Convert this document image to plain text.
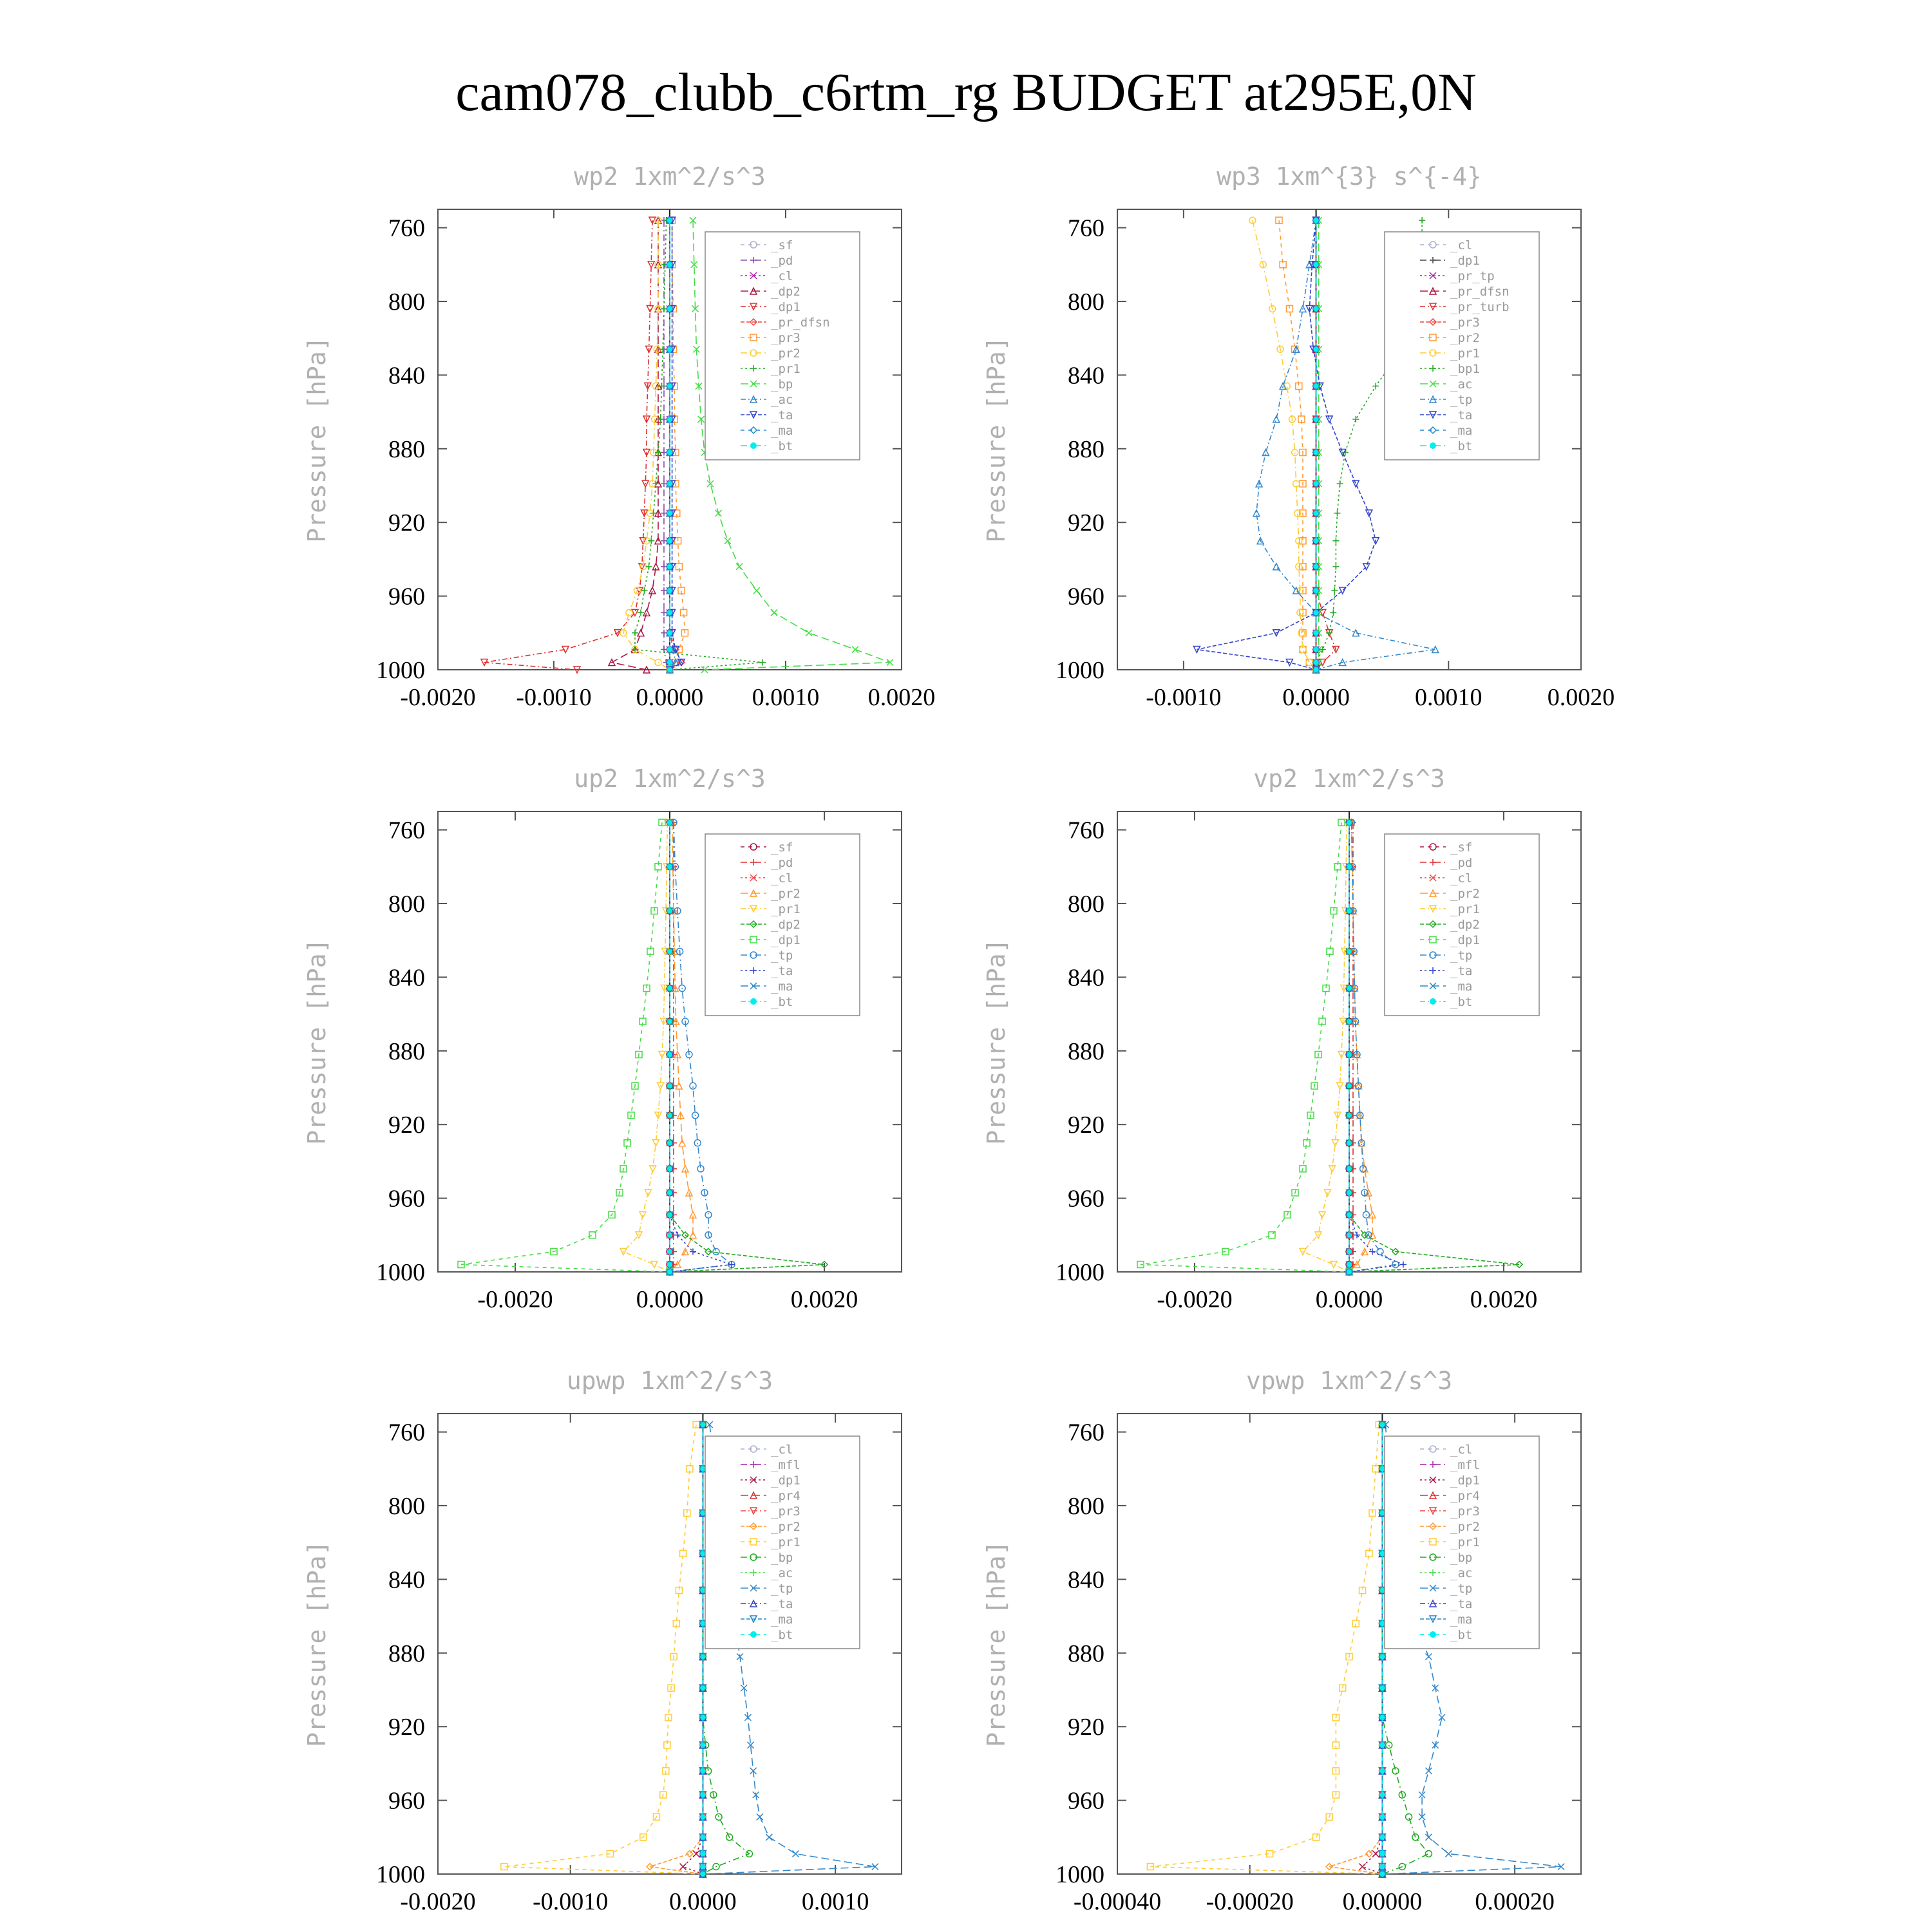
cam078_clubb_c6rtm_rg BUDGET at295E,0N
wp2 1xm^2/s^3
Pressure [hPa]
760
800
840
880
920
960
1000
-0.0020 -0.0010 0.0000 0.0010 0.0020
_sf
_pd
_cl
_dp2
_dp1
_pr_dfsn
_pr3
_pr2
_pr1
_bp
_ac
_ta
_ma
_bt
wp3 1xm^{3} s^{-4}
Pressure [hPa]
760
800
840
880
920
960
1000
-0.0010 0.0000	0.0010	0.0020
_cl
_dp1
_pr_tp
_pr_dfsn
_pr_turb
_pr3
_pr2
_pr1
_bp1
_ac
_tp
_ta
_ma
_bt
up2 1xm^2/s^3
Pressure [hPa]
760
800
840
880
920
960
1000
-0.0020	0.0000	0.0020
_sf
_pd
_cl
_pr2
_pr1
_dp2
_dp1
_tp
_ta
_ma
_bt
vp2 1xm^2/s^3
Pressure [hPa]
760
800
840
880
920
960
1000
-0.0020	0.0000	0.0020
_sf
_pd
_cl
_pr2
_pr1
_dp2
_dp1
_tp
_ta
_ma
_bt
upwp 1xm^2/s^3
Pressure [hPa]
760
800
840
880
920
960
1000
-0.0020 -0.0010 0.0000	0.0010
_cl
_mfl
_dp1
_pr4
_pr3
_pr2
_pr1
_bp
_ac
_tp
_ta
_ma
_bt
vpwp 1xm^2/s^3
Pressure [hPa]
760
800
840
880
920
960
1000
-0.00040 -0.00020 0.00000 0.00020
_cl
_mfl
_dp1
_pr4
_pr3
_pr2
_pr1
_bp
_ac
_tp
_ta
_ma
_bt
